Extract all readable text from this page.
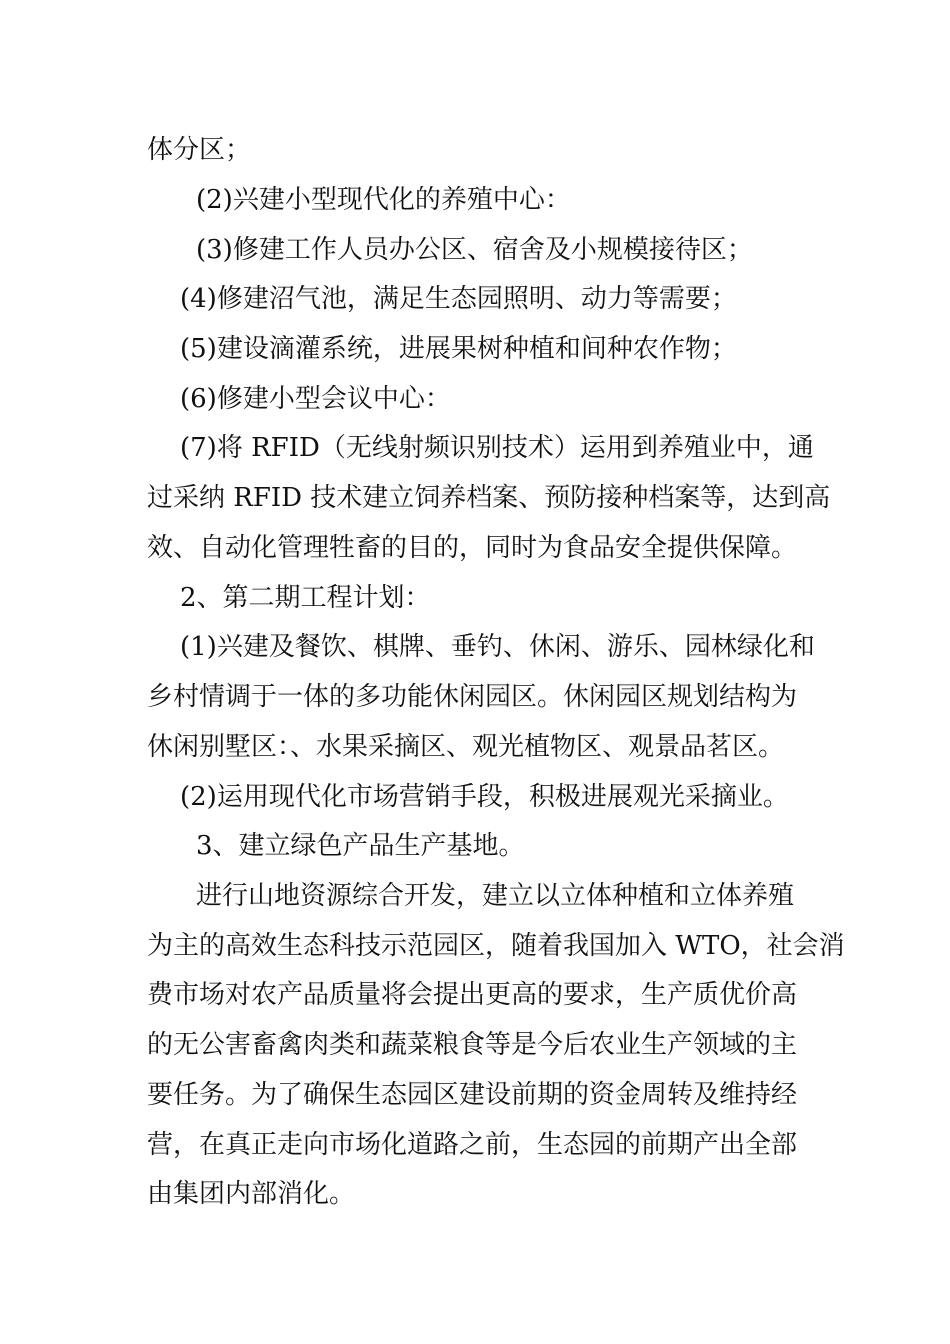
体分区；
(2)兴建小型现代化的养殖中心：
(3)修建工作人员办公区、宿舍及小规模接待区；
(4)修建沼气池，满足生态园照明、动力等需要；
(5)建设滴灌系统，进展果树种植和间种农作物；
(6)修建小型会议中心：
(7)将 RFID（无线射频识别技术）运用到养殖业中，通
过采纳 RFID 技术建立饲养档案、预防接种档案等，达到高
效、自动化管理牲畜的目的，同时为食品安全提供保障。
2、第二期工程计划：
(1)兴建及餐饮、棋牌、垂钓、休闲、游乐、园林绿化和
乡村情调于一体的多功能休闲园区。休闲园区规划结构为
休闲别墅区：、水果采摘区、观光植物区、观景品茗区。
(2)运用现代化市场营销手段，积极进展观光采摘业。
3、建立绿色产品生产基地。
进行山地资源综合开发，建立以立体种植和立体养殖
为主的高效生态科技示范园区，随着我国加入 WTO，社会消
费市场对农产品质量将会提出更高的要求，生产质优价高
的无公害畜禽肉类和蔬菜粮食等是今后农业生产领域的主
要任务。为了确保生态园区建设前期的资金周转及维持经
营，在真正走向市场化道路之前，生态园的前期产出全部
由集团内部消化。
